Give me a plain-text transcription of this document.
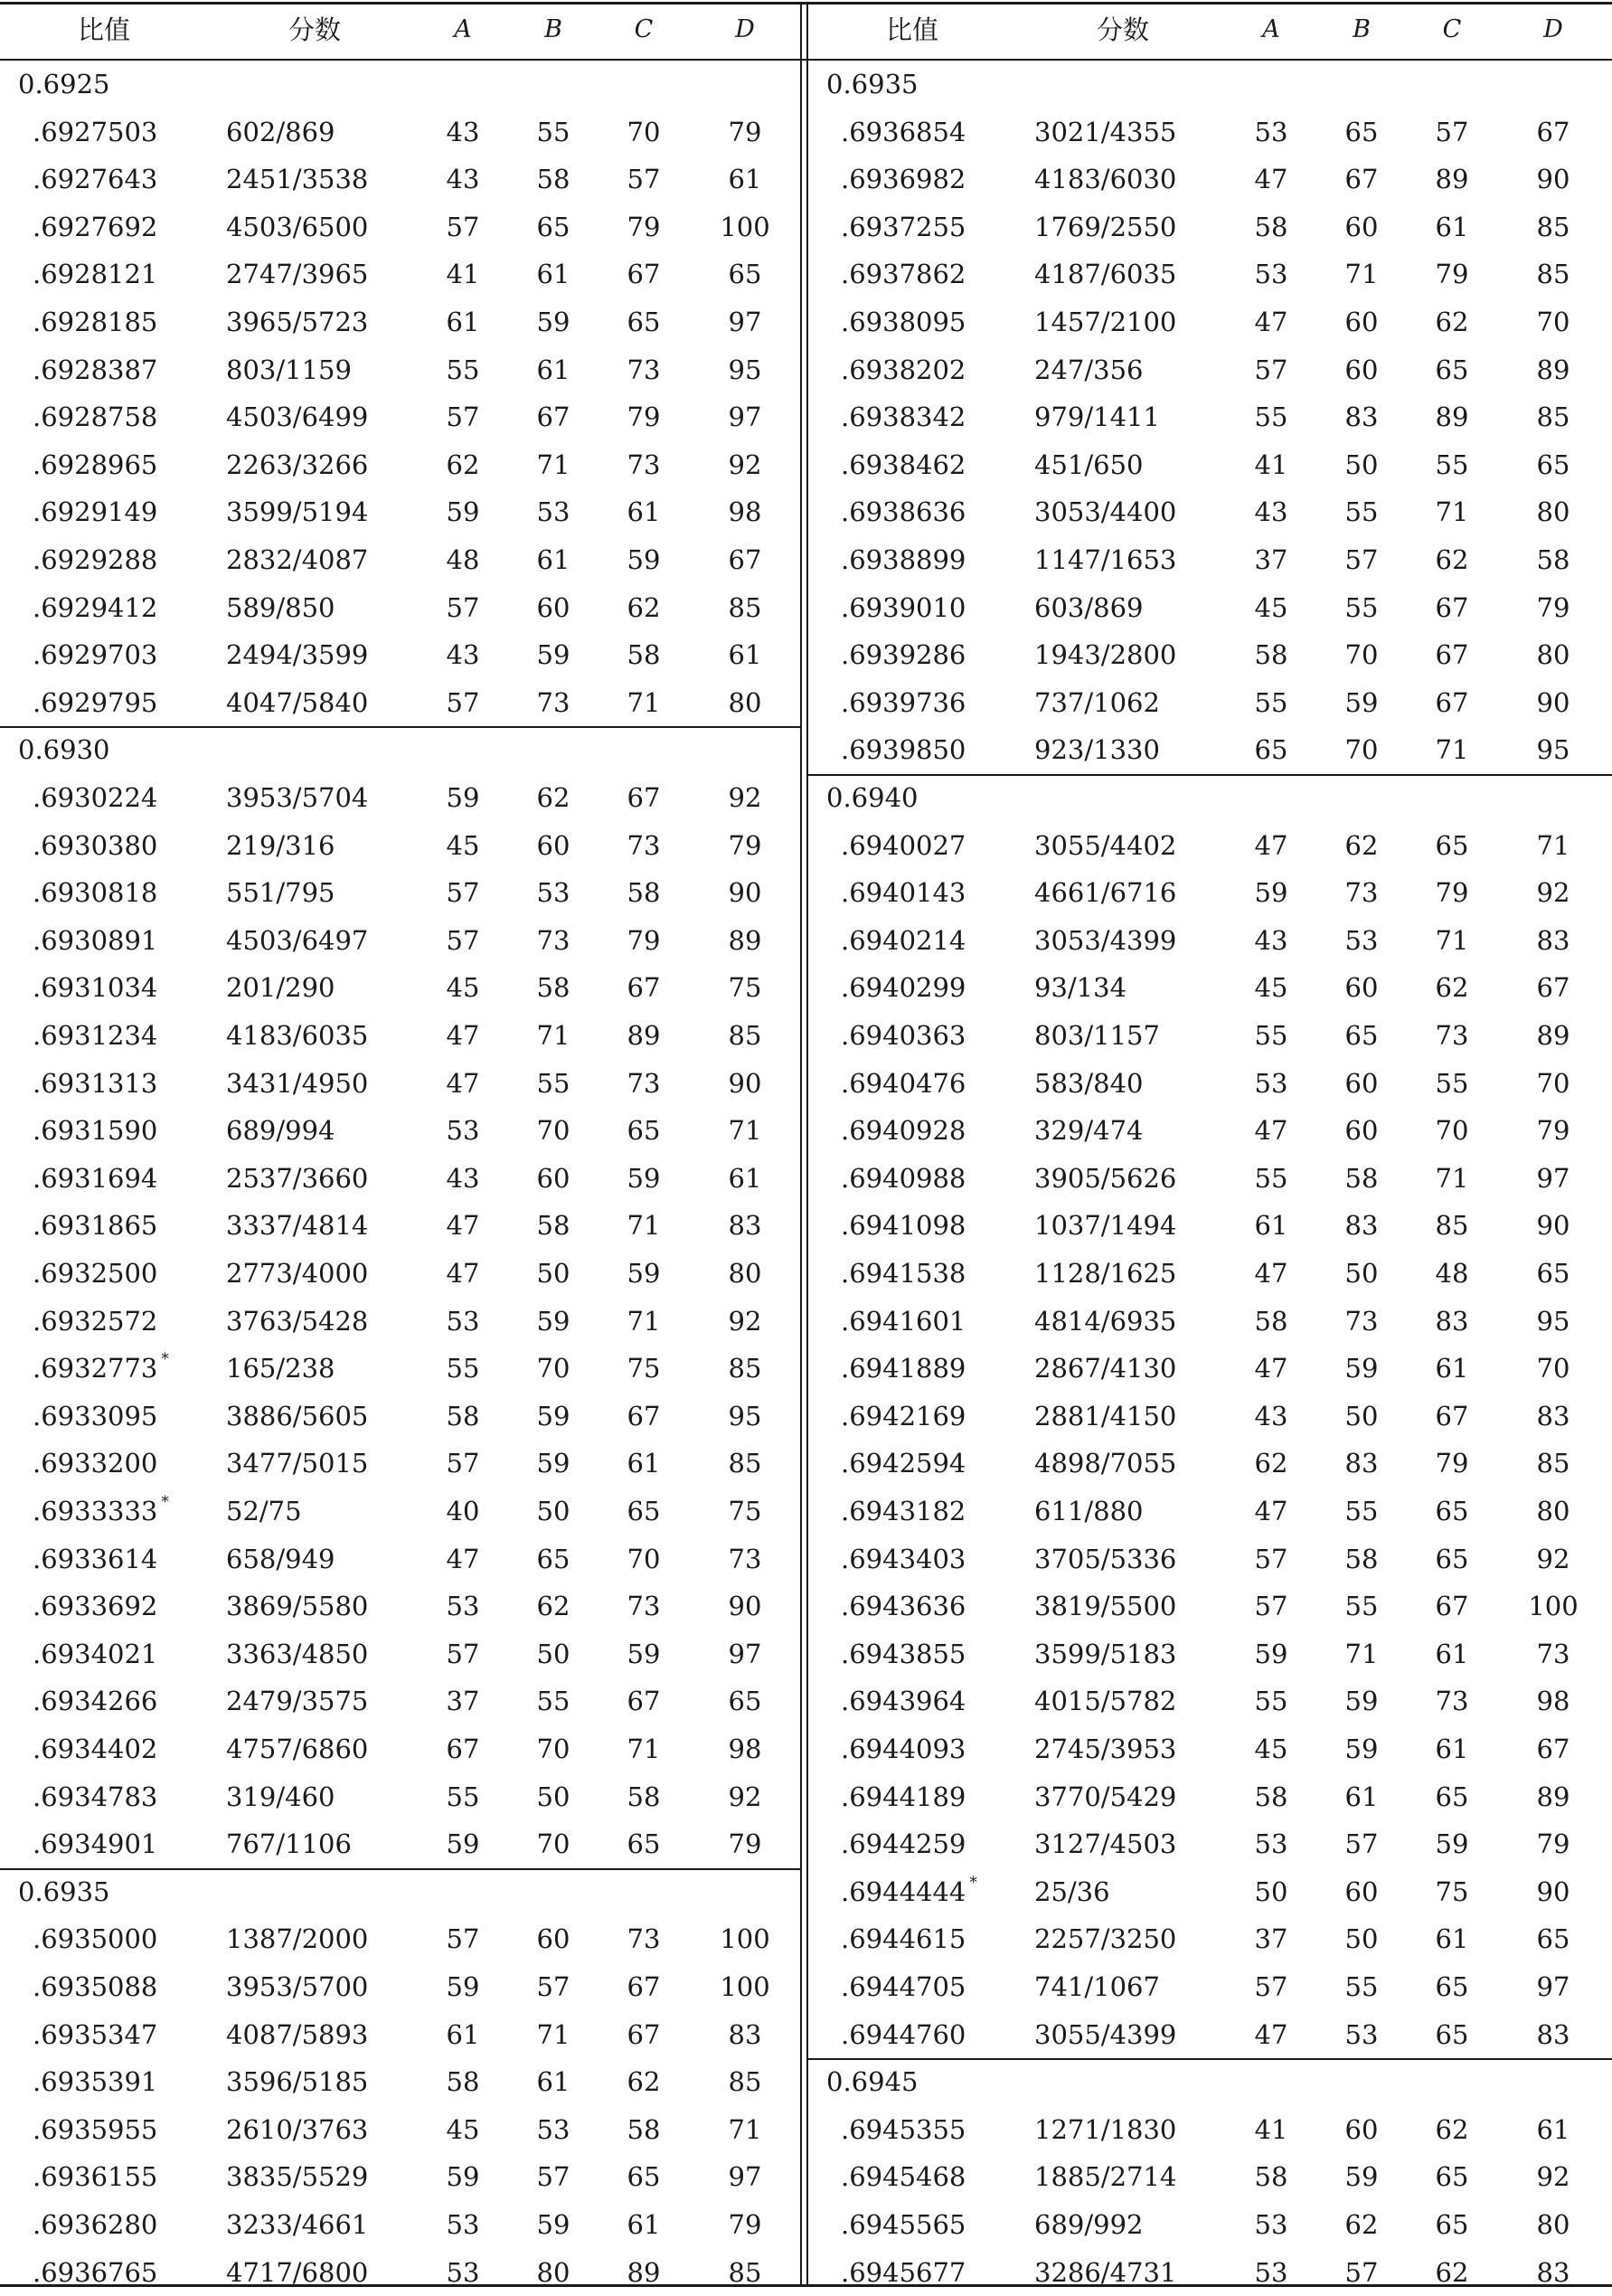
比值	分数	A	B	C	D
0.6925
.6927503	602/869	43	55	70	79
.6927643	2451/3538	43	58	57	61
.6927692	4503/6500	57	65	79	100
.6928121	2747/3965	41	61	67	65
.6928185	3965/5723	61	59	65	97
.6928387	803/1159	55	61	73	95
.6928758	4503/6499	57	67	79	97
.6928965	2263/3266	62	71	73	92
.6929149	3599/5194	59	53	61	98
.6929288	2832/4087	48	61	59	67
.6929412	589/850	57	60	62	85
.6929703	2494/3599	43	59	58	61
.6929795	4047/5840	57	73	71	80
0.6930
.6930224	3953/5704	59	62	67	92
.6930380	219/316	45	60	73	79
.6930818	551/795	57	53	58	90
.6930891	4503/6497	57	73	79	89
.6931034	201/290	45	58	67	75
.6931234	4183/6035	47	71	89	85
.6931313	3431/4950	47	55	73	90
.6931590	689/994	53	70	65	71
.6931694	2537/3660	43	60	59	61
.6931865	3337/4814	47	58	71	83
.6932500	2773/4000	47	50	59	80
.6932572	3763/5428	53	59	71	92
.6932773 * 165/238	55	70	75	85
.6933095	3886/5605	58	59	67	95
.6933200	3477/5015	57	59	61	85
.6933333 * 52/75	40	50	65	75
.6933614	658/949	47	65	70	73
.6933692	3869/5580	53	62	73	90
.6934021	3363/4850	57	50	59	97
.6934266	2479/3575	37	55	67	65
.6934402	4757/6860	67	70	71	98
.6934783	319/460	55	50	58	92
.6934901	767/1106	59	70	65	79
0.6935
.6935000	1387/2000	57	60	73	100
.6935088	3953/5700	59	57	67	100
.6935347	4087/5893	61	71	67	83
.6935391	3596/5185	58	61	62	85
.6935955	2610/3763	45	53	58	71
.6936155	3835/5529	59	57	65	97
.6936280	3233/4661	53	59	61	79
.6936765	4717/6800	53	80	89	85
比值	分数	A	B	C	D
0.6935
.6936854	3021/4355	53	65	57	67
.6936982	4183/6030	47	67	89	90
.6937255	1769/2550	58	60	61	85
.6937862	4187/6035	53	71	79	85
.6938095	1457/2100	47	60	62	70
.6938202	247/356	57	60	65	89
.6938342	979/1411	55	83	89	85
.6938462	451/650	41	50	55	65
.6938636	3053/4400	43	55	71	80
.6938899	1147/1653	37	57	62	58
.6939010	603/869	45	55	67	79
.6939286	1943/2800	58	70	67	80
.6939736	737/1062	55	59	67	90
.6939850	923/1330	65	70	71	95
0.6940
.6940027	3055/4402	47	62	65	71
.6940143	4661/6716	59	73	79	92
.6940214	3053/4399	43	53	71	83
.6940299	93/134	45	60	62	67
.6940363	803/1157	55	65	73	89
.6940476	583/840	53	60	55	70
.6940928	329/474	47	60	70	79
.6940988	3905/5626	55	58	71	97
.6941098	1037/1494	61	83	85	90
.6941538	1128/1625	47	50	48	65
.6941601	4814/6935	58	73	83	95
.6941889	2867/4130	47	59	61	70
.6942169	2881/4150	43	50	67	83
.6942594	4898/7055	62	83	79	85
.6943182	611/880	47	55	65	80
.6943403	3705/5336	57	58	65	92
.6943636	3819/5500	57	55	67	100
.6943855	3599/5183	59	71	61	73
.6943964	4015/5782	55	59	73	98
.6944093	2745/3953	45	59	61	67
.6944189	3770/5429	58	61	65	89
.6944259	3127/4503	53	57	59	79
.6944444 * 25/36	50	60	75	90
.6944615	2257/3250	37	50	61	65
.6944705	741/1067	57	55	65	97
.6944760	3055/4399	47	53	65	83
0.6945
.6945355	1271/1830	41	60	62	61
.6945468	1885/2714	58	59	65	92
.6945565	689/992	53	62	65	80
.6945677	3286/4731	53	57	62	83
